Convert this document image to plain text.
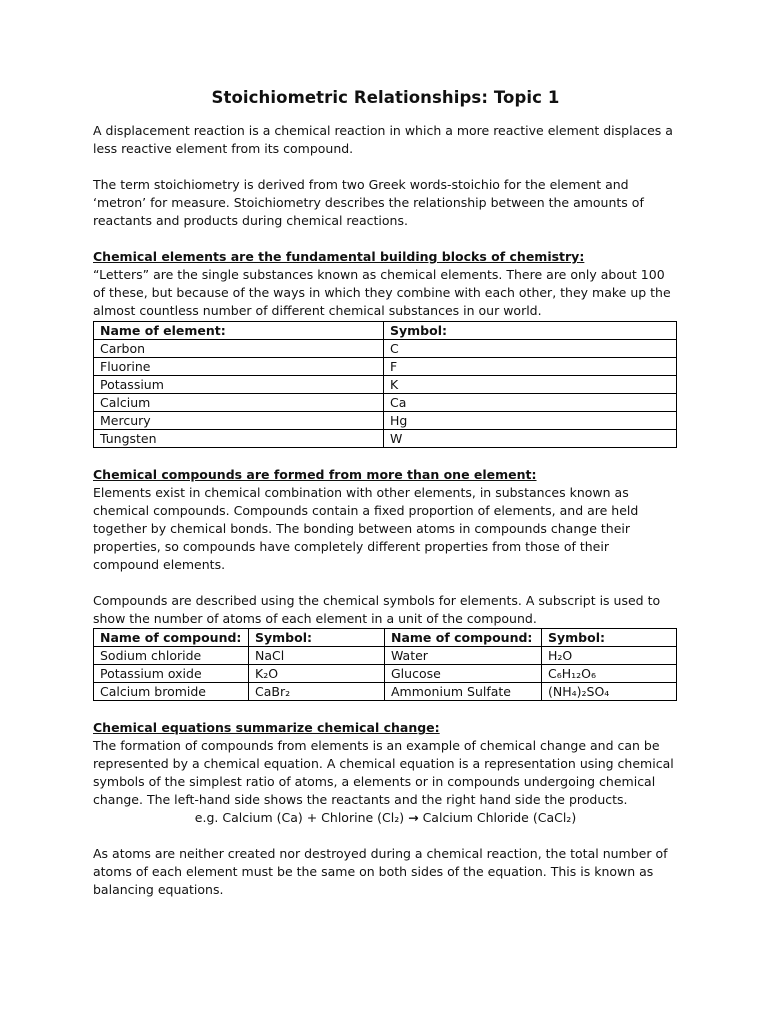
Stoichiometric Relationships: Topic 1

A displacement reaction is a chemical reaction in which a more reactive element displaces a less reactive element from its compound.

The term stoichiometry is derived from two Greek words-stoichio for the element and ‘metron’ for measure. Stoichiometry describes the relationship between the amounts of reactants and products during chemical reactions.

Chemical elements are the fundamental building blocks of chemistry:

“Letters” are the single substances known as chemical elements. There are only about 100 of these, but because of the ways in which they combine with each other, they make up the almost countless number of different chemical substances in our world.

Name of element:	Symbol:
Carbon	C
Fluorine	F
Potassium	K
Calcium	Ca
Mercury	Hg
Tungsten	W

Chemical compounds are formed from more than one element:

Elements exist in chemical combination with other elements, in substances known as chemical compounds. Compounds contain a fixed proportion of elements, and are held together by chemical bonds. The bonding between atoms in compounds change their properties, so compounds have completely different properties from those of their compound elements.

Compounds are described using the chemical symbols for elements. A subscript is used to show the number of atoms of each element in a unit of the compound.

Name of compound:	Symbol:	Name of compound:	Symbol:
Sodium chloride	NaCl	Water	H₂O
Potassium oxide	K₂O	Glucose	C₆H₁₂O₆
Calcium bromide	CaBr₂	Ammonium Sulfate	(NH₄)₂SO₄

Chemical equations summarize chemical change:

The formation of compounds from elements is an example of chemical change and can be represented by a chemical equation. A chemical equation is a representation using chemical symbols of the simplest ratio of atoms, a elements or in compounds undergoing chemical change. The left-hand side shows the reactants and the right hand side the products.

e.g. Calcium (Ca) + Chlorine (Cl₂) → Calcium Chloride (CaCl₂)

As atoms are neither created nor destroyed during a chemical reaction, the total number of atoms of each element must be the same on both sides of the equation. This is known as balancing equations.
